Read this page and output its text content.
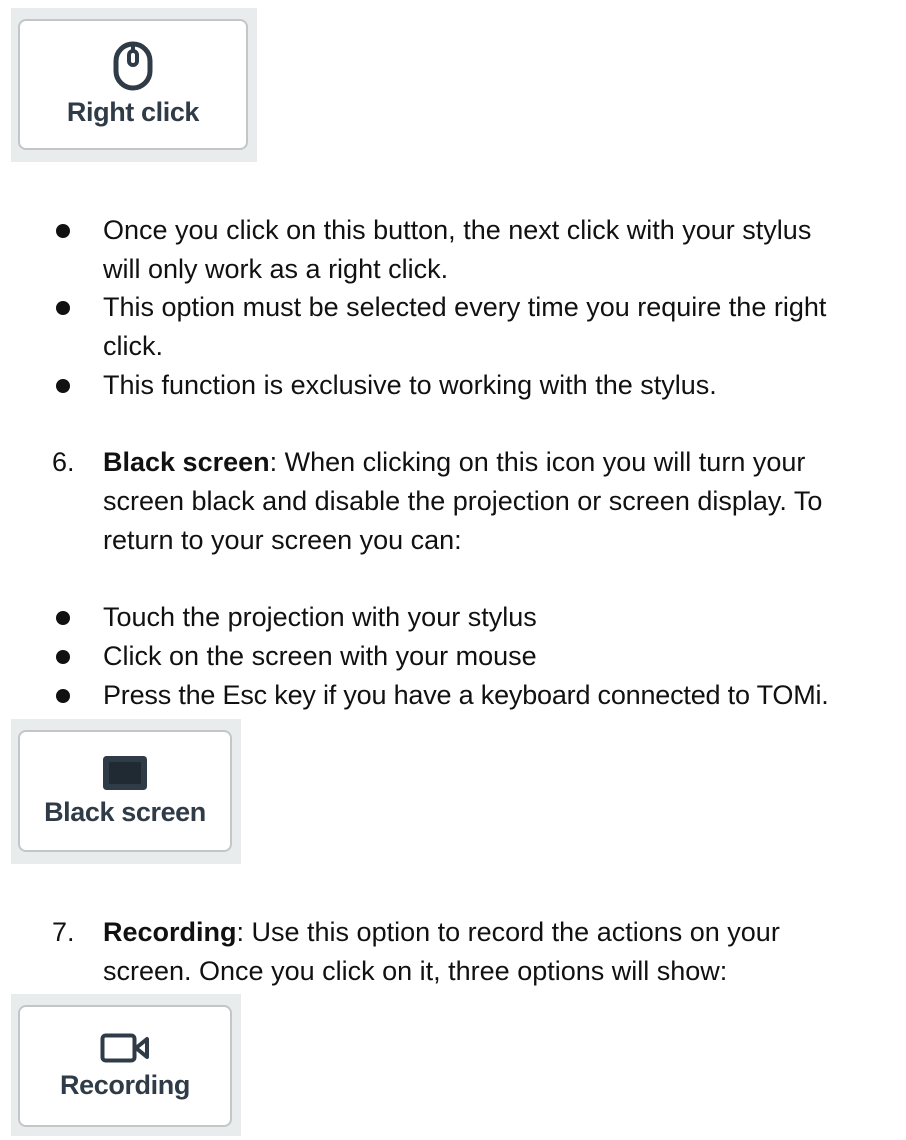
Right click
Once you click on this button, the next click with your stylus
will only work as a right click.
This option must be selected every time you require the right
click.
This function is exclusive to working with the stylus.
6. Black screen: When clicking on this icon you will turn your
screen black and disable the projection or screen display. To
return to your screen you can:
Touch the projection with your stylus
Click on the screen with your mouse
Press the Esc key if you have a keyboard connected to TOMi.
Black screen
7. Recording: Use this option to record the actions on your
screen. Once you click on it, three options will show:
Recording
